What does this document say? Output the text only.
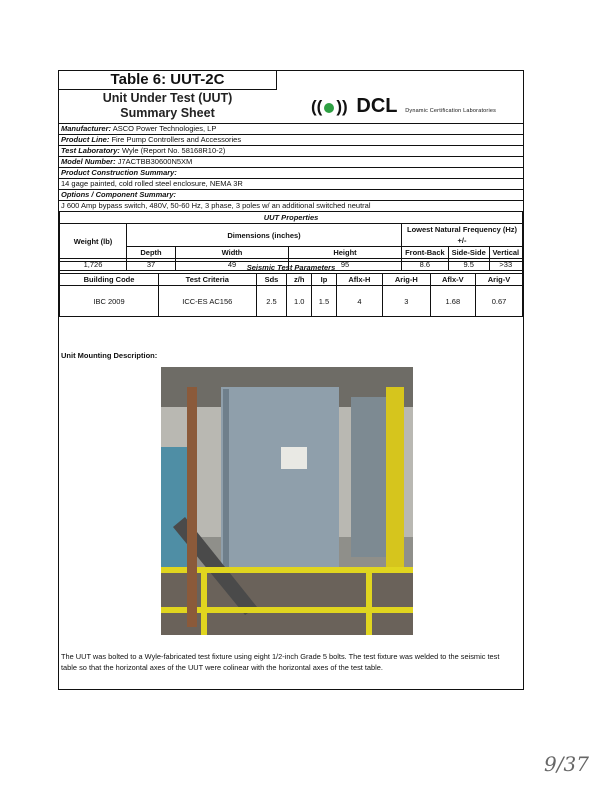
Table 6: UUT-2C
Unit Under Test (UUT)
Summary Sheet	(( )) DCL Dynamic Certification Laboratories
Manufacturer: ASCO Power Technologies, LP
Product Line: Fire Pump Controllers and Accessories
Test Laboratory: Wyle (Report No. 58168R10-2)
Model Number: J7ACTBB30600N5XM
Product Construction Summary:
14 gage painted, cold rolled steel enclosure, NEMA 3R
Options / Component Summary:
J 600 Amp bypass switch, 480V, 50-60 Hz, 3 phase, 3 poles w/ an additional switched neutral
UUT Properties						
Weight (lb)	Dimensions (inches)			Lowest Natural Frequency (Hz) +/-		
	Depth	Width	Height	Front-Back	Side-Side	Vertical
1,726	37	49	95	8.6	9.5	>33
Seismic Test Parameters								
Building Code	Test Criteria	Sds	z/h	Ip	Aflx-H	Arig-H	Aflx-V	Arig-V
IBC 2009	ICC-ES AC156	2.5	1.0	1.5	4	3	1.68	0.67
Unit Mounting Description:
The UUT was bolted to a Wyle-fabricated test fixture using eight 1/2-inch Grade 5 bolts. The test fixture was welded to the seismic test table so that the horizontal axes of the UUT were colinear with the horizontal axes of the test table.
9/37
